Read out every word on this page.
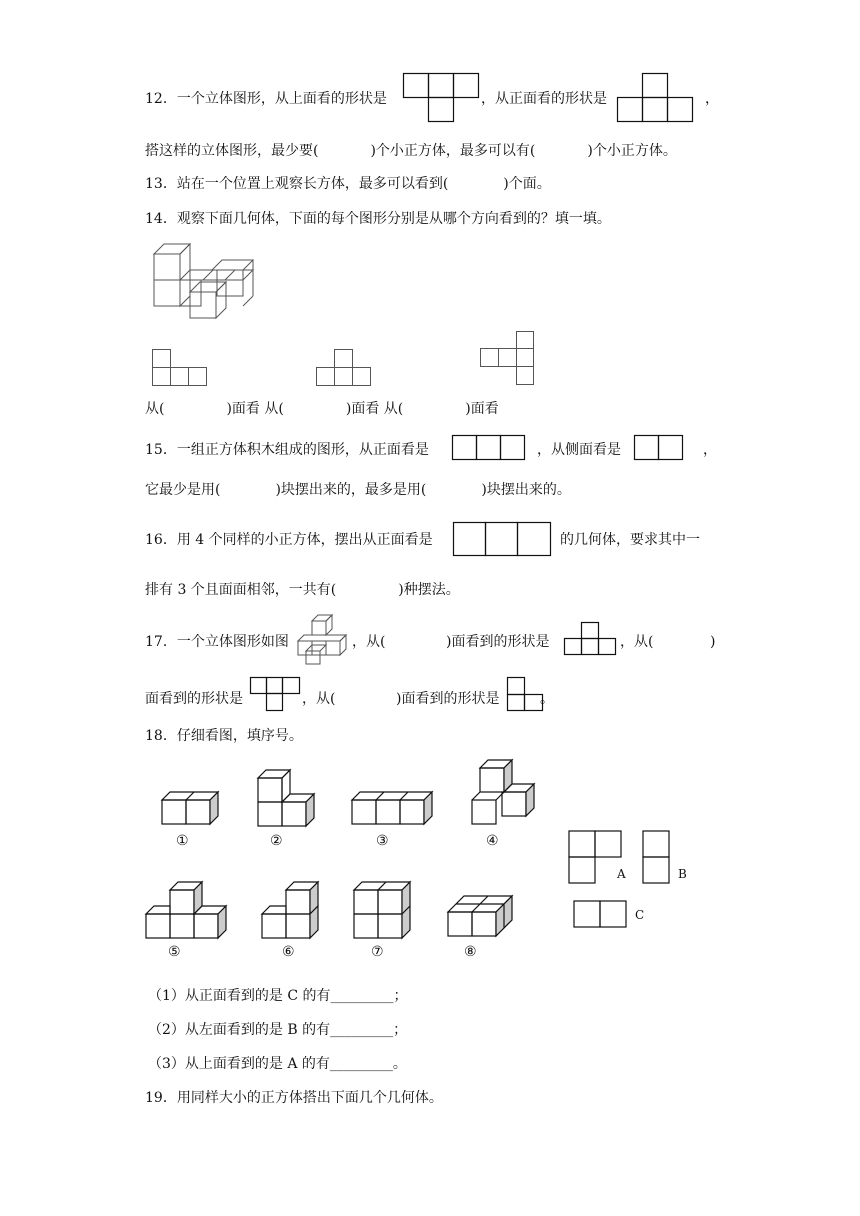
12．一个立体图形，从上面看的形状是	，从正面看的形状是	，
搭这样的立体图形，最少要(	)个小正方体，最多可以有(	)个小正方体。
13．站在一个位置上观察长方体，最多可以看到(	)个面。
14．观察下面几何体，下面的每个图形分别是从哪个方向看到的？填一填。
从(	)面看 从(	)面看 从(	)面看
15．一组正方体积木组成的图形，从正面看是	，从侧面看是	，
它最少是用(	)块摆出来的，最多是用(	)块摆出来的。
16．用 4 个同样的小正方体，摆出从正面看是	的几何体，要求其中一
排有 3 个且面面相邻，一共有(	)种摆法。
17．一个立体图形如图	，从(	)面看到的形状是	，从(	)
面看到的形状是	，从(	)面看到的形状是	。
18．仔细看图，填序号。
①	②	③	④
A	B
C
⑤	⑥	⑦	⑧
（1）从正面看到的是 C 的有_________；
（2）从左面看到的是 B 的有_________；
（3）从上面看到的是 A 的有_________。
19．用同样大小的正方体搭出下面几个几何体。
